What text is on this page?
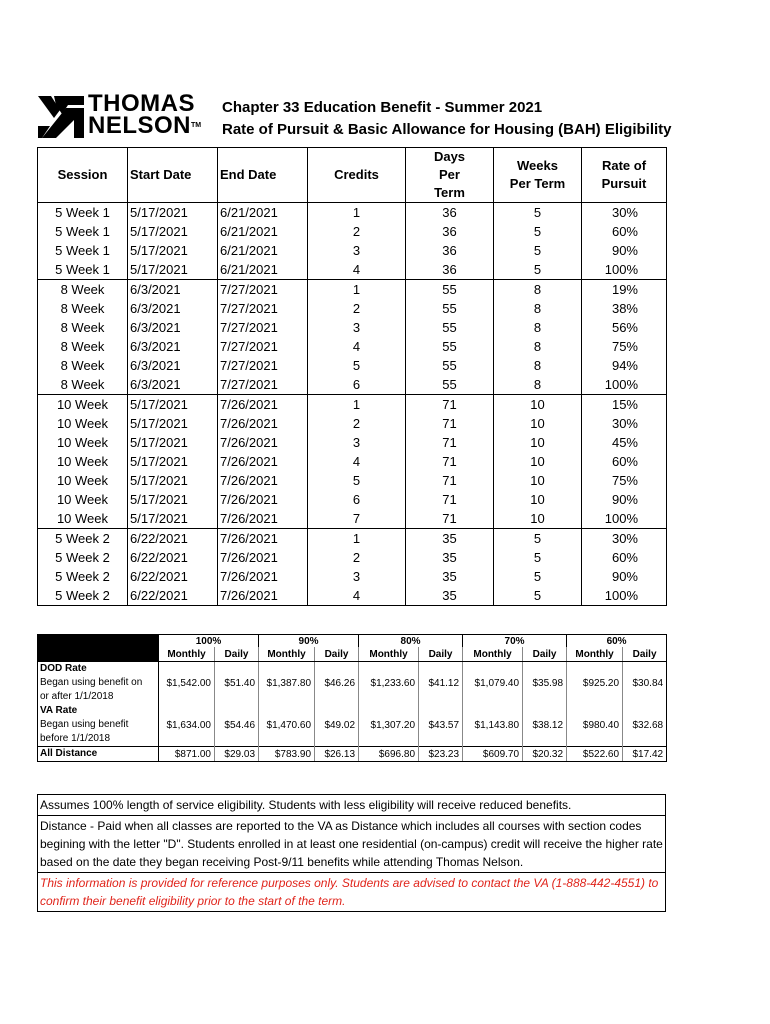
THOMAS
NELSONTM
Chapter 33 Education Benefit - Summer 2021
Rate of Pursuit & Basic Allowance for Housing (BAH) Eligibility
Session	Start Date	End Date	Credits	Days Per Term	Weeks Per Term	Rate of Pursuit
5 Week 1	5/17/2021	6/21/2021	1	36	5	30%
5 Week 1	5/17/2021	6/21/2021	2	36	5	60%
5 Week 1	5/17/2021	6/21/2021	3	36	5	90%
5 Week 1	5/17/2021	6/21/2021	4	36	5	100%
8 Week	6/3/2021	7/27/2021	1	55	8	19%
8 Week	6/3/2021	7/27/2021	2	55	8	38%
8 Week	6/3/2021	7/27/2021	3	55	8	56%
8 Week	6/3/2021	7/27/2021	4	55	8	75%
8 Week	6/3/2021	7/27/2021	5	55	8	94%
8 Week	6/3/2021	7/27/2021	6	55	8	100%
10 Week	5/17/2021	7/26/2021	1	71	10	15%
10 Week	5/17/2021	7/26/2021	2	71	10	30%
10 Week	5/17/2021	7/26/2021	3	71	10	45%
10 Week	5/17/2021	7/26/2021	4	71	10	60%
10 Week	5/17/2021	7/26/2021	5	71	10	75%
10 Week	5/17/2021	7/26/2021	6	71	10	90%
10 Week	5/17/2021	7/26/2021	7	71	10	100%
5 Week 2	6/22/2021	7/26/2021	1	35	5	30%
5 Week 2	6/22/2021	7/26/2021	2	35	5	60%
5 Week 2	6/22/2021	7/26/2021	3	35	5	90%
5 Week 2	6/22/2021	7/26/2021	4	35	5	100%
	100%		90%		80%		70%		60%	
	Monthly	Daily	Monthly	Daily	Monthly	Daily	Monthly	Daily	Monthly	Daily

DOD Rate
Began using benefit on
or after 1/1/2018	$1,542.00	$51.40	$1,387.80	$46.26	$1,233.60	$41.12	$1,079.40	$35.98	$925.20	$30.84

VA Rate
Began using benefit
before 1/1/2018	$1,634.00	$54.46	$1,470.60	$49.02	$1,307.20	$43.57	$1,143.80	$38.12	$980.40	$32.68
All Distance	$871.00	$29.03	$783.90	$26.13	$696.80	$23.23	$609.70	$20.32	$522.60	$17.42
Assumes 100% length of service eligibility. Students with less eligibility will receive reduced benefits.
Distance - Paid when all classes are reported to the VA as Distance which includes all courses with section codes begining with the letter "D". Students enrolled in at least one residential (on-campus) credit will receive the higher rate based on the date they began receiving Post-9/11 benefits while attending Thomas Nelson.
This information is provided for reference purposes only. Students are advised to contact the VA (1-888-442-4551) to confirm their benefit eligibility prior to the start of the term.
